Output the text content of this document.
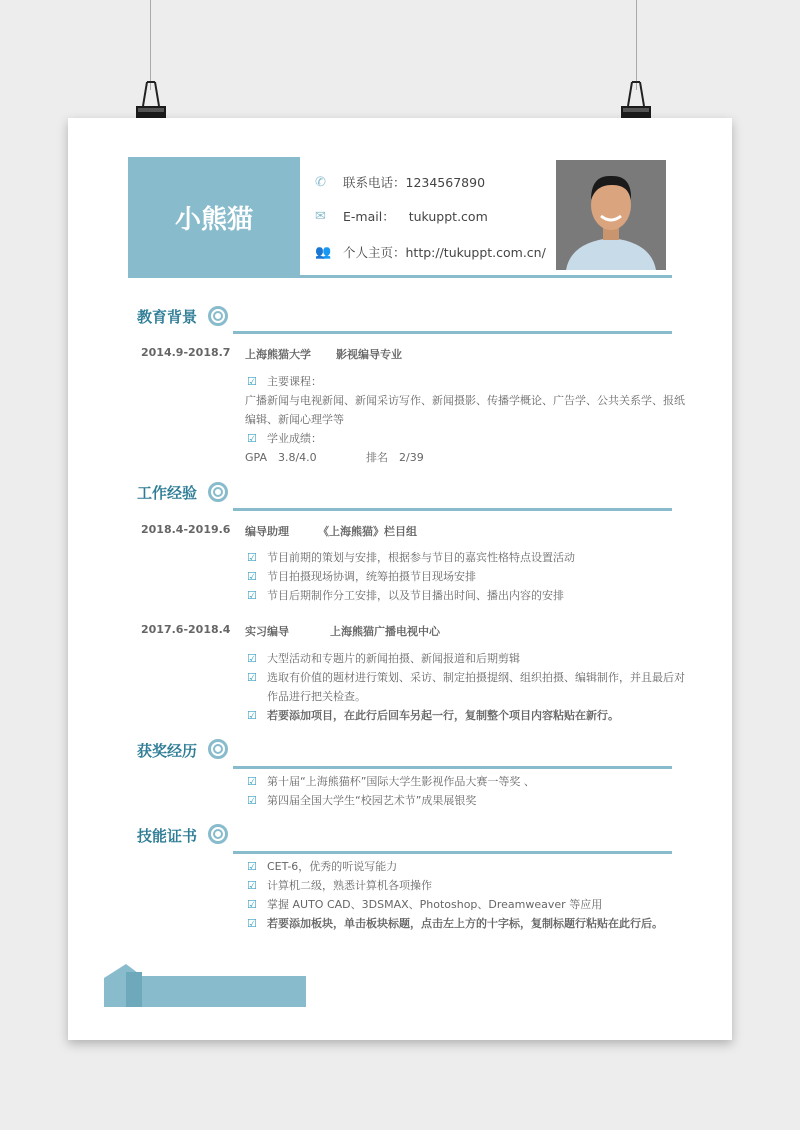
小熊猫
✆	联系电话：1234567890
✉	E-mail： tukuppt.com
👥 个人主页：http://tukuppt.com.cn/
教育背景
2014.9-2018.7 上海熊猫大学 影视编导专业
☑ 主要课程：
广播新闻与电视新闻、新闻采访写作、新闻摄影、传播学概论、广告学、公共关系学、报纸编辑、新闻心理学等
☑ 学业成绩：
GPA　3.8/4.0	排名　2/39
工作经验
2018.4-2019.6 编导助理	《上海熊猫》栏目组
☑ 节目前期的策划与安排，根据参与节目的嘉宾性格特点设置活动
☑ 节目拍摄现场协调，统筹拍摄节目现场安排
☑ 节目后期制作分工安排，以及节目播出时间、播出内容的安排
2017.6-2018.4 实习编导	上海熊猫广播电视中心
☑ 大型活动和专题片的新闻拍摄、新闻报道和后期剪辑
☑ 选取有价值的题材进行策划、采访、制定拍摄提纲、组织拍摄、编辑制作，并且最后对作品进行把关检查。
☑ 若要添加项目，在此行后回车另起一行，复制整个项目内容粘贴在新行。
获奖经历
☑ 第十届“上海熊猫杯”国际大学生影视作品大赛一等奖 、
☑ 第四届全国大学生“校园艺术节”成果展银奖
技能证书
☑ CET-6，优秀的听说写能力
☑ 计算机二级，熟悉计算机各项操作
☑ 掌握 AUTO CAD、3DSMAX、Photoshop、Dreamweaver 等应用
☑ 若要添加板块，单击板块标题，点击左上方的十字标，复制标题行粘贴在此行后。
